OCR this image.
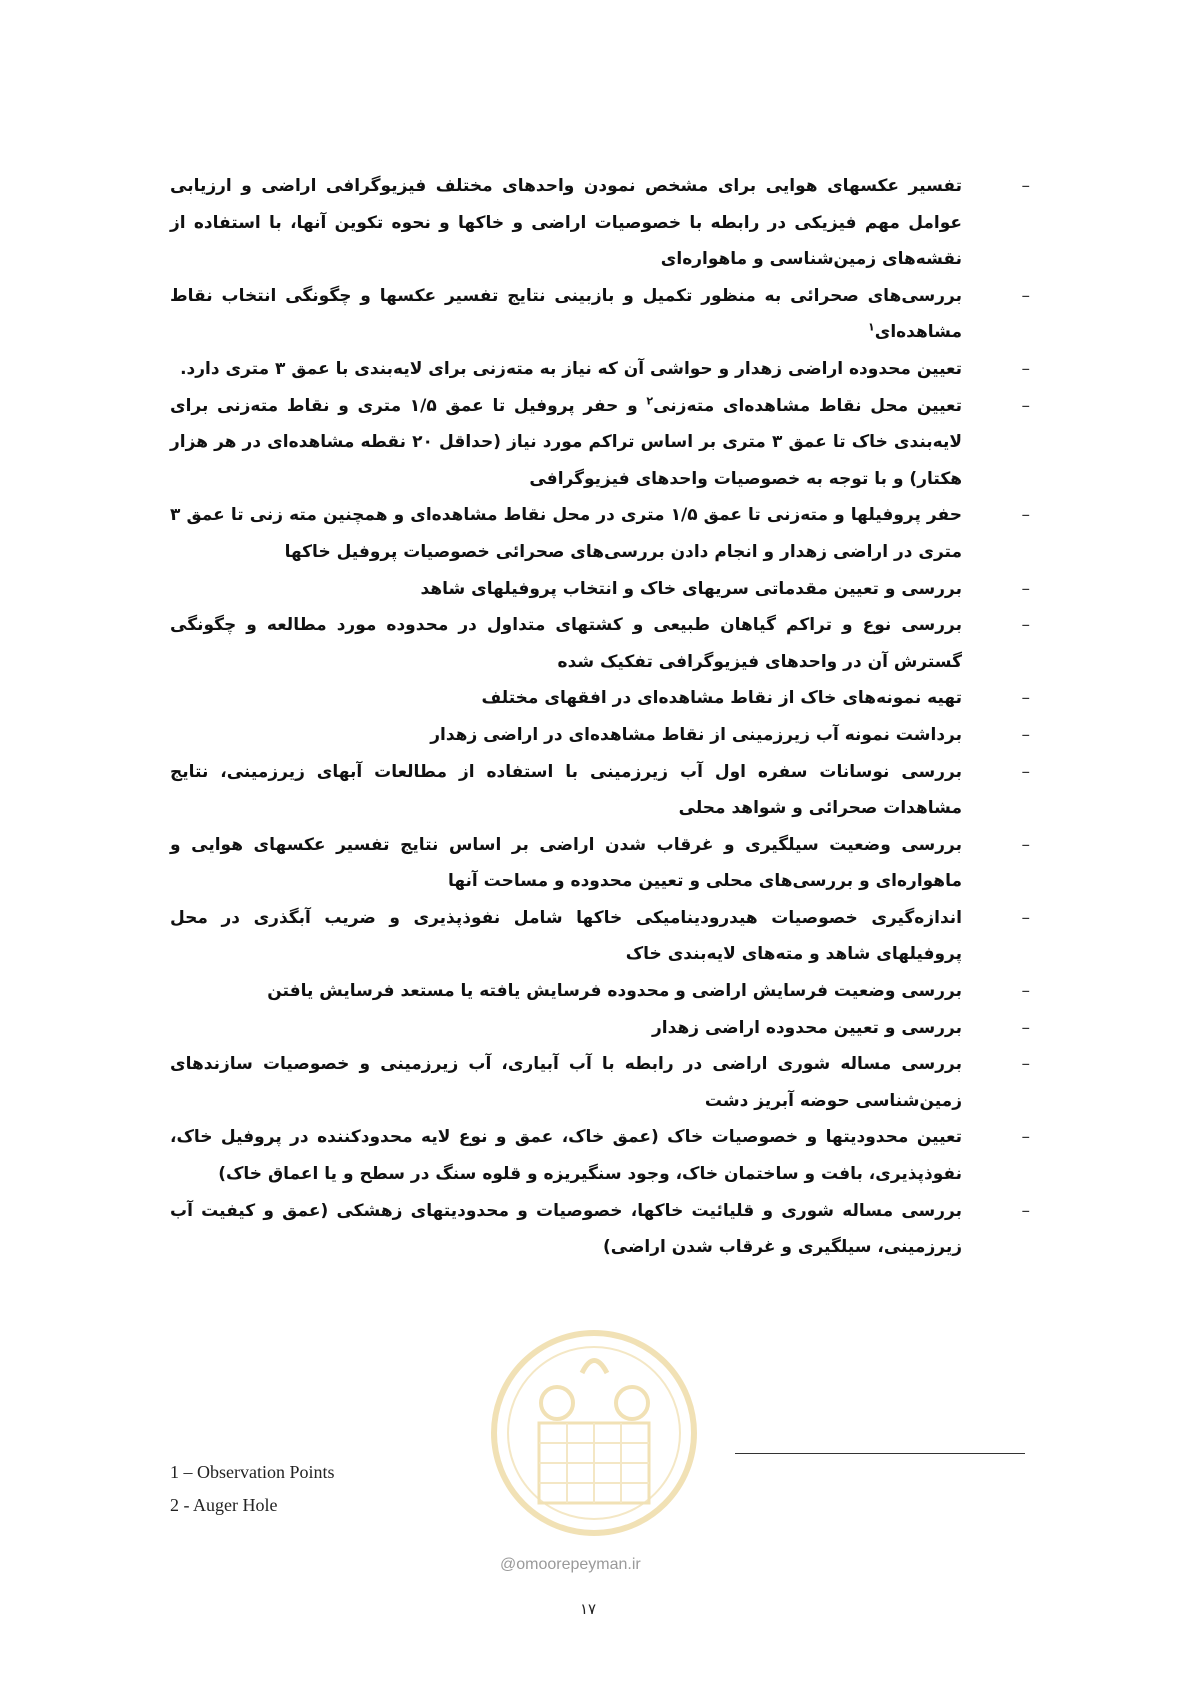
–
تفسیر عکسهای هوایی برای مشخص نمودن واحدهای مختلف فیزیوگرافی اراضی و ارزیابی عوامل مهم فیزیکی در رابطه با خصوصیات اراضی و خاکها و نحوه تکوین آنها، با استفاده از نقشه‌های زمین‌شناسی و ماهواره‌ای
–
بررسی‌های صحرائی به منظور تکمیل و بازبینی نتایج تفسیر عکسها و چگونگی انتخاب نقاط مشاهده‌ای$^۱$
–
تعیین محدوده اراضی زهدار و حواشی آن که نیاز به مته‌زنی برای لایه‌بندی با عمق ۳ متری دارد.
–
تعیین محل نقاط مشاهده‌ای مته‌زنی$^۲$ و حفر پروفیل تا عمق ۱/۵ متری و نقاط مته‌زنی برای لایه‌بندی خاک تا عمق ۳ متری بر اساس تراکم مورد نیاز (حداقل ۲۰ نقطه مشاهده‌ای در هر هزار هکتار) و با توجه به خصوصیات واحدهای فیزیوگرافی
–
حفر پروفیلها و مته‌زنی تا عمق ۱/۵ متری در محل نقاط مشاهده‌ای و همچنین مته زنی تا عمق ۳ متری در اراضی زهدار و انجام دادن بررسی‌های صحرائی خصوصیات پروفیل خاکها
–
بررسی و تعیین مقدماتی سریهای خاک و انتخاب پروفیلهای شاهد
–
بررسی نوع و تراکم گیاهان طبیعی و کشتهای متداول در محدوده مورد مطالعه و چگونگی گسترش آن در واحدهای فیزیوگرافی تفکیک شده
–
تهیه نمونه‌های خاک از نقاط مشاهده‌ای در افقهای مختلف
–
برداشت نمونه آب زیرزمینی از نقاط مشاهده‌ای در اراضی زهدار
–
بررسی نوسانات سفره اول آب زیرزمینی با استفاده از مطالعات آبهای زیرزمینی، نتایج مشاهدات صحرائی و شواهد محلی
–
بررسی وضعیت سیلگیری و غرقاب شدن اراضی بر اساس نتایج تفسیر عکسهای هوایی و ماهواره‌ای و بررسی‌های محلی و تعیین محدوده و مساحت آنها
–
اندازه‌گیری خصوصیات هیدرودینامیکی خاکها شامل نفوذپذیری و ضریب آبگذری در محل پروفیلهای شاهد و مته‌های لایه‌بندی خاک
–
بررسی وضعیت فرسایش اراضی و محدوده فرسایش یافته یا مستعد فرسایش یافتن
–
بررسی و تعیین محدوده اراضی زهدار
–
بررسی مساله شوری اراضی در رابطه با آب آبیاری، آب زیرزمینی و خصوصیات سازندهای زمین‌شناسی حوضه آبریز دشت
–
تعیین محدودیتها و خصوصیات خاک (عمق خاک، عمق و نوع لایه محدودکننده در پروفیل خاک، نفوذپذیری، بافت و ساختمان خاک، وجود سنگیریزه و قلوه سنگ در سطح و یا اعماق خاک)
–
بررسی مساله شوری و قلیائیت خاکها، خصوصیات و محدودیتهای زهشکی (عمق و کیفیت آب زیرزمینی، سیلگیری و غرقاب شدن اراضی)
1 – Observation Points
2 - Auger Hole
@omoorepeyman.ir
۱۷
